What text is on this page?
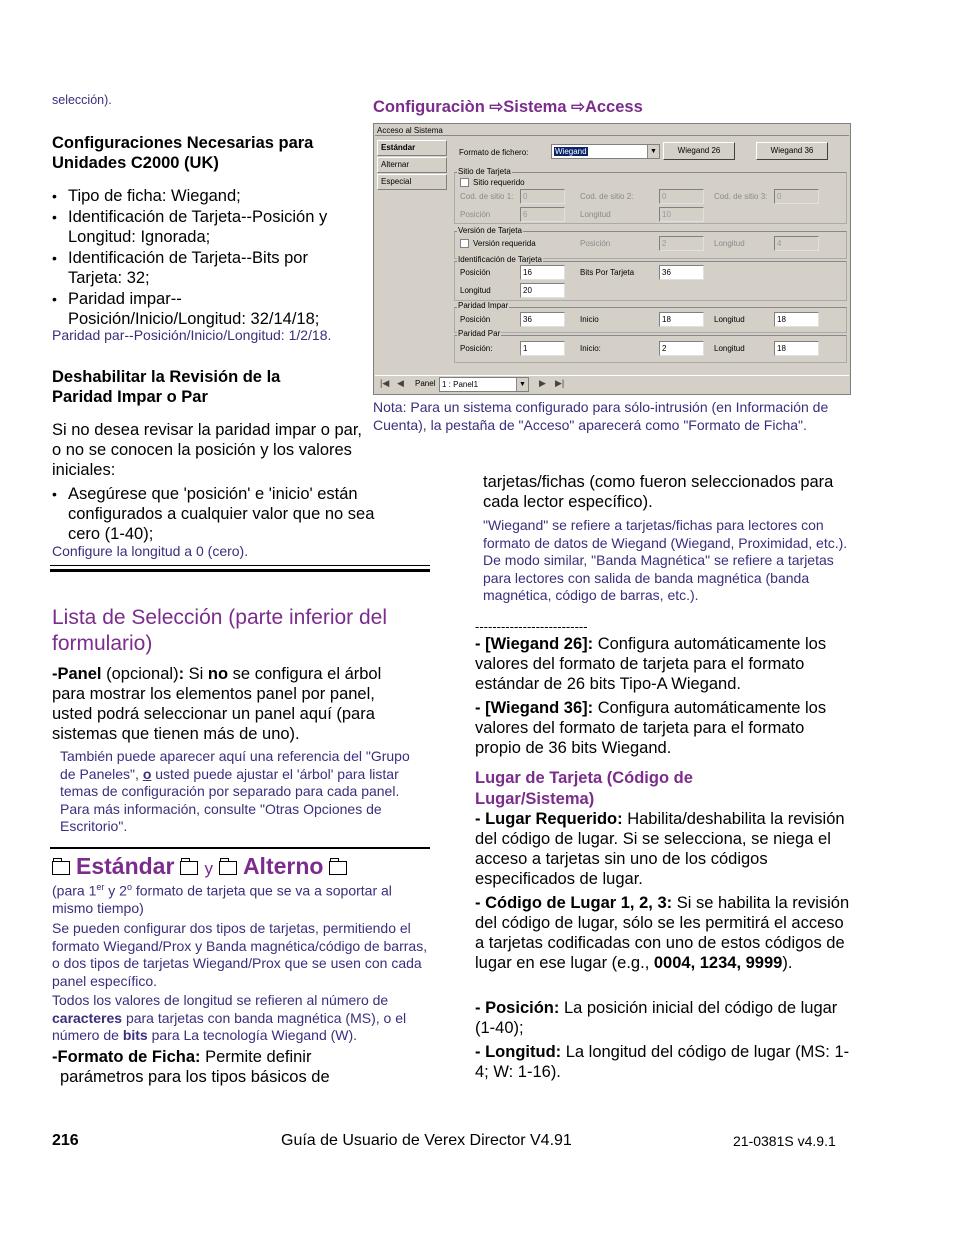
selección).
Configuraciones Necesarias para Unidades C2000 (UK)
• Tipo de ficha: Wiegand;
• Identificación de Tarjeta--Posición y Longitud: Ignorada;
• Identificación de Tarjeta--Bits por Tarjeta: 32;
• Paridad impar-- Posición/Inicio/Longitud: 32/14/18;
Paridad par--Posición/Inicio/Longitud: 1/2/18.
Deshabilitar la Revisión de la Paridad Impar o Par
Si no desea revisar la paridad impar o par, o no se conocen la posición y los valores iniciales:
• Asegúrese que 'posición' e 'inicio' están configurados a cualquier valor que no sea cero (1-40);
Configure la longitud a 0 (cero).
Lista de Selección (parte inferior del formulario)
-Panel (opcional): Si no se configura el árbol para mostrar los elementos panel por panel, usted podrá seleccionar un panel aquí (para sistemas que tienen más de uno).
También puede aparecer aquí una referencia del "Grupo de Paneles", o usted puede ajustar el 'árbol' para listar temas de configuración por separado para cada panel. Para más información, consulte "Otras Opciones de Escritorio".
Estándar y Alterno
(para 1er y 2$^o$ formato de tarjeta que se va a soportar al mismo tiempo)
Se pueden configurar dos tipos de tarjetas, permitiendo el formato Wiegand/Prox y Banda magnética/código de barras, o dos tipos de tarjetas Wiegand/Prox que se usen con cada panel específico.
Todos los valores de longitud se refieren al número de caracteres para tarjetas con banda magnética (MS), o el número de bits para La tecnología Wiegand (W).
-Formato de Ficha: Permite definir parámetros para los tipos básicos de
Configuraciòn ⇨Sistema ⇨Access
Acceso al Sistema
Estándar
Alternar
Especial
Formato de fichero:	Wiegand	▼	Wiegand 26	Wiegand 36
Sitio de Tarjeta
Sitio requerido
Cod. de sitio 1:	0	Cod. de sitio 2:	0	Cod. de sitio 3:	0
Posición	6	Longitud	10
Versión de Tarjeta
Versión requerida	Posición	2	Longitud	4
Identificación de Tarjeta
Posición	16	Bits Por Tarjeta	36
Longitud	20
Paridad Impar
Posición	36	Inicio	18	Longitud	18
Paridad Par
Posición:	1	Inicio:	2	Longitud	18
|◀ ◀ Panel 1 : Panel1	▼ ▶ ▶|
Nota: Para un sistema configurado para sólo-intrusión (en Información de Cuenta), la pestaña de "Acceso" aparecerá como "Formato de Ficha".
tarjetas/fichas (como fueron seleccionados para cada lector específico).
"Wiegand" se refiere a tarjetas/fichas para lectores con formato de datos de Wiegand (Wiegand, Proximidad, etc.). De modo similar, "Banda Magnética" se refiere a tarjetas para lectores con salida de banda magnética (banda magnética, código de barras, etc.).
--------------------------
- [Wiegand 26]: Configura automáticamente los valores del formato de tarjeta para el formato estándar de 26 bits Tipo-A Wiegand.
- [Wiegand 36]: Configura automáticamente los valores del formato de tarjeta para el formato propio de 36 bits Wiegand.
Lugar de Tarjeta (Código de Lugar/Sistema)
- Lugar Requerido: Habilita/deshabilita la revisión del código de lugar. Si se selecciona, se niega el acceso a tarjetas sin uno de los códigos especificados de lugar.
- Código de Lugar 1, 2, 3: Si se habilita la revisión del código de lugar, sólo se les permitirá el acceso a tarjetas codificadas con uno de estos códigos de lugar en ese lugar (e.g., 0004, 1234, 9999).
- Posición: La posición inicial del código de lugar (1-40);
- Longitud: La longitud del código de lugar (MS: 1-4; W: 1-16).
216	Guía de Usuario de Verex Director V4.91	21-0381S v4.9.1
